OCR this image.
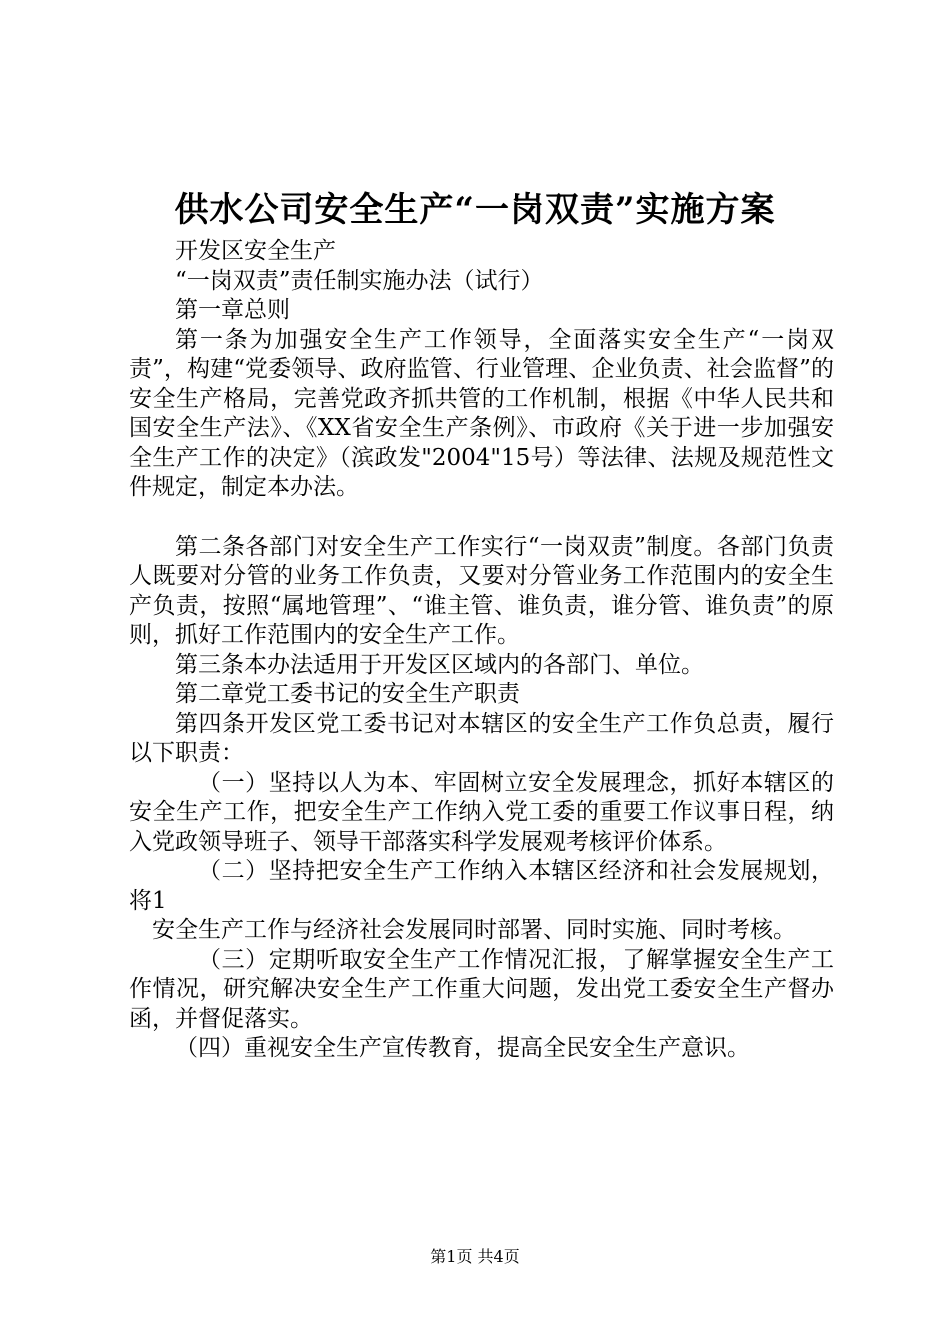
供水公司安全生产“一岗双责”实施方案

开发区安全生产

“一岗双责”责任制实施办法（试行）

第一章总则

第一条为加强安全生产工作领导，全面落实安全生产“一岗双责”，构建“党委领导、政府监管、行业管理、企业负责、社会监督”的安全生产格局，完善党政齐抓共管的工作机制，根据《中华人民共和国安全生产法》、《XX省安全生产条例》、市政府《关于进一步加强安全生产工作的决定》（滨政发"2004"15号）等法律、法规及规范性文件规定，制定本办法。

第二条各部门对安全生产工作实行“一岗双责”制度。各部门负责人既要对分管的业务工作负责，又要对分管业务工作范围内的安全生产负责，按照“属地管理”、“谁主管、谁负责，谁分管、谁负责”的原则，抓好工作范围内的安全生产工作。

第三条本办法适用于开发区区域内的各部门、单位。

第二章党工委书记的安全生产职责

第四条开发区党工委书记对本辖区的安全生产工作负总责，履行以下职责：

（一）坚持以人为本、牢固树立安全发展理念，抓好本辖区的安全生产工作，把安全生产工作纳入党工委的重要工作议事日程，纳入党政领导班子、领导干部落实科学发展观考核评价体系。

（二）坚持把安全生产工作纳入本辖区经济和社会发展规划，将1

安全生产工作与经济社会发展同时部署、同时实施、同时考核。

（三）定期听取安全生产工作情况汇报，了解掌握安全生产工作情况，研究解决安全生产工作重大问题，发出党工委安全生产督办函，并督促落实。

（四）重视安全生产宣传教育，提高全民安全生产意识。

第1页 共4页
